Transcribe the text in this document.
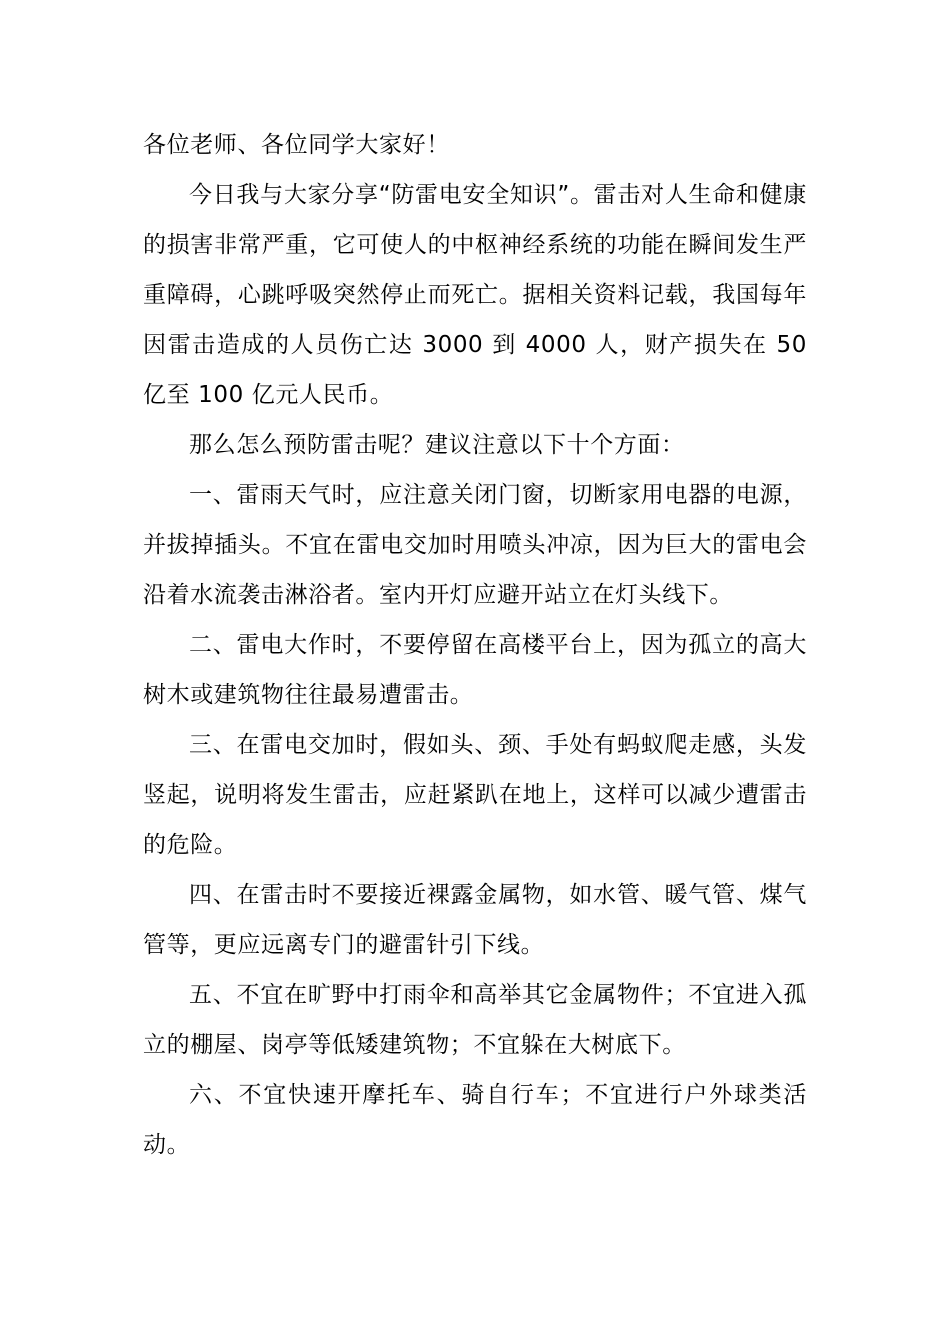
各位老师、各位同学大家好！

今日我与大家分享“防雷电安全知识”。雷击对人生命和健康的损害非常严重，它可使人的中枢神经系统的功能在瞬间发生严重障碍，心跳呼吸突然停止而死亡。据相关资料记载，我国每年因雷击造成的人员伤亡达 3000 到 4000 人，财产损失在 50 亿至 100 亿元人民币。

那么怎么预防雷击呢？建议注意以下十个方面：

一、雷雨天气时，应注意关闭门窗，切断家用电器的电源，并拔掉插头。不宜在雷电交加时用喷头冲凉，因为巨大的雷电会沿着水流袭击淋浴者。室内开灯应避开站立在灯头线下。

二、雷电大作时，不要停留在高楼平台上，因为孤立的高大树木或建筑物往往最易遭雷击。

三、在雷电交加时，假如头、颈、手处有蚂蚁爬走感，头发竖起，说明将发生雷击，应赶紧趴在地上，这样可以减少遭雷击的危险。

四、在雷击时不要接近裸露金属物，如水管、暖气管、煤气管等，更应远离专门的避雷针引下线。

五、不宜在旷野中打雨伞和高举其它金属物件；不宜进入孤立的棚屋、岗亭等低矮建筑物；不宜躲在大树底下。

六、不宜快速开摩托车、骑自行车；不宜进行户外球类活动。
